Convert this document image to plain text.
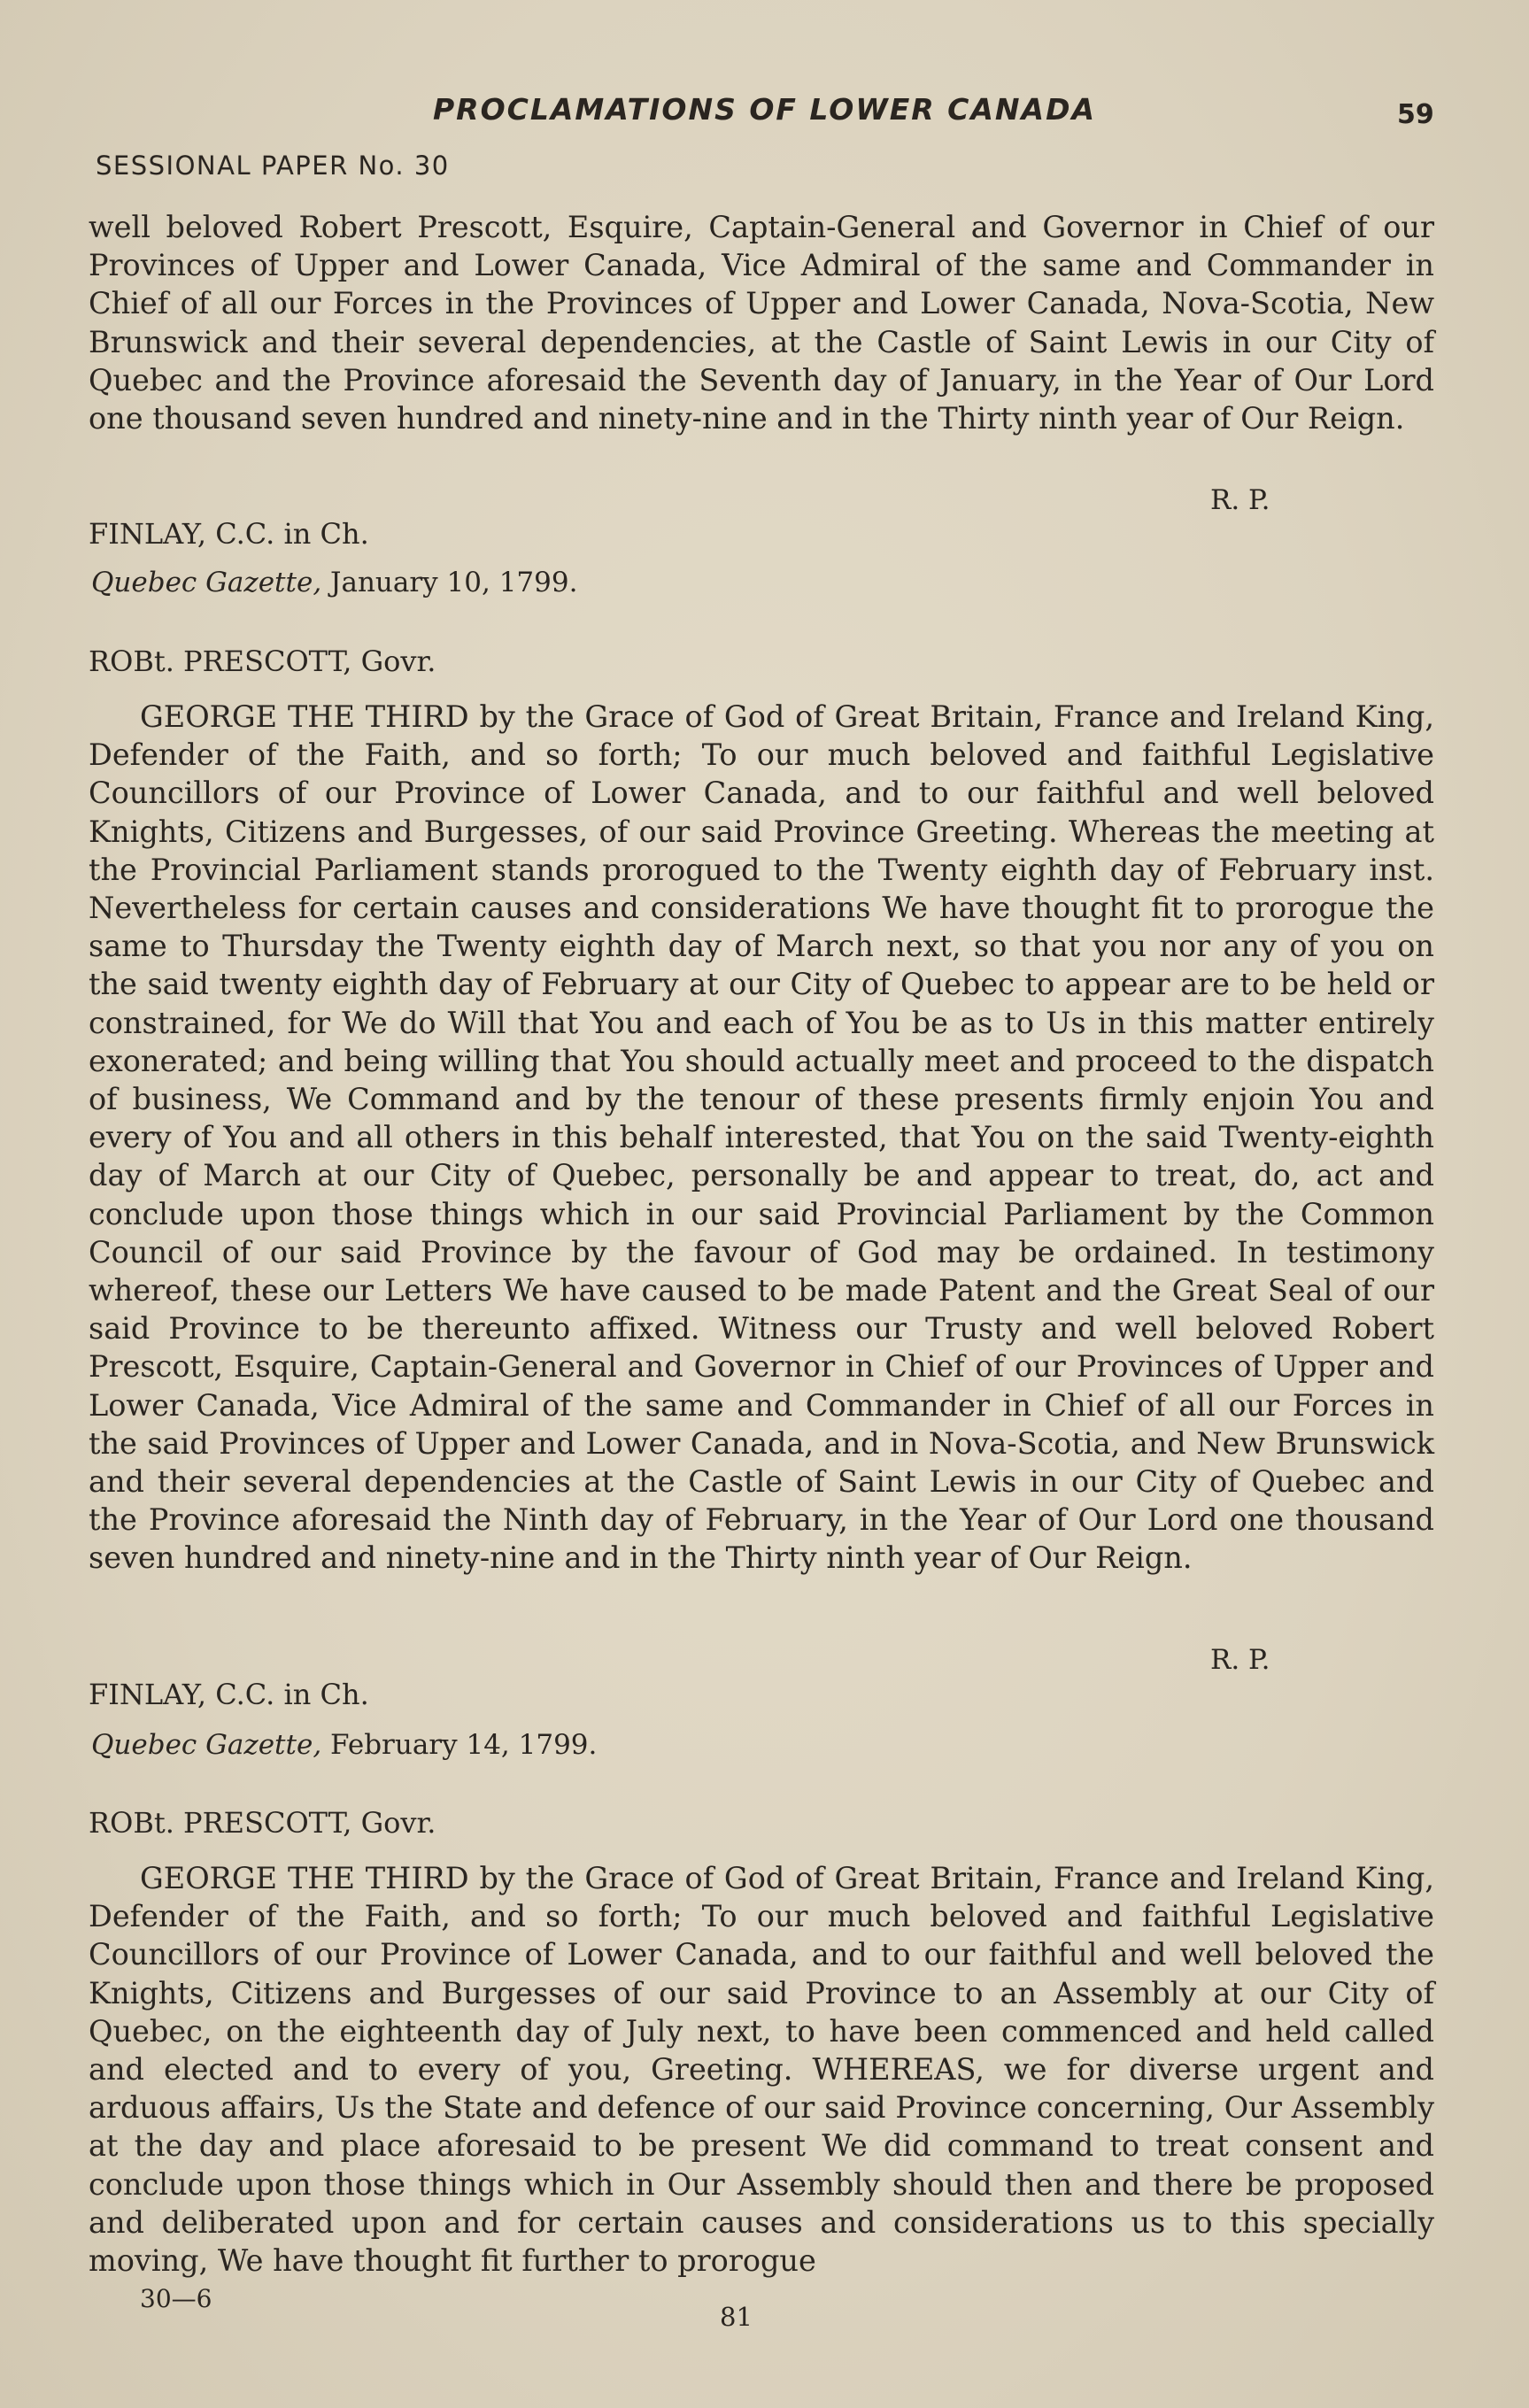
PROCLAMATIONS OF LOWER CANADA	59
SESSIONAL PAPER No. 30

well beloved Robert Prescott, Esquire, Captain-General and Governor in Chief of our Provinces of Upper and Lower Canada, Vice Admiral of the same and Commander in Chief of all our Forces in the Provinces of Upper and Lower Canada, Nova-Scotia, New Brunswick and their several dependencies, at the Castle of Saint Lewis in our City of Quebec and the Province aforesaid the Seventh day of January, in the Year of Our Lord one thousand seven hundred and ninety-nine and in the Thirty ninth year of Our Reign.

R. P.
FINLAY, C.C. in Ch.
Quebec Gazette, January 10, 1799.
ROBt. PRESCOTT, Govr.

GEORGE THE THIRD by the Grace of God of Great Britain, France and Ireland King, Defender of the Faith, and so forth; To our much beloved and faithful Legislative Councillors of our Province of Lower Canada, and to our faithful and well beloved Knights, Citizens and Burgesses, of our said Province Greeting. Whereas the meeting at the Provincial Parliament stands prorogued to the Twenty eighth day of February inst. Nevertheless for certain causes and considerations We have thought fit to prorogue the same to Thursday the Twenty eighth day of March next, so that you nor any of you on the said twenty eighth day of February at our City of Quebec to appear are to be held or constrained, for We do Will that You and each of You be as to Us in this matter entirely exonerated; and being willing that You should actually meet and proceed to the dispatch of business, We Command and by the tenour of these presents firmly enjoin You and every of You and all others in this behalf interested, that You on the said Twenty-eighth day of March at our City of Quebec, personally be and appear to treat, do, act and conclude upon those things which in our said Provincial Parliament by the Common Council of our said Province by the favour of God may be ordained. In testimony whereof, these our Letters We have caused to be made Patent and the Great Seal of our said Province to be thereunto affixed. Witness our Trusty and well beloved Robert Prescott, Esquire, Captain-General and Governor in Chief of our Provinces of Upper and Lower Canada, Vice Admiral of the same and Commander in Chief of all our Forces in the said Provinces of Upper and Lower Canada, and in Nova-Scotia, and New Brunswick and their several dependencies at the Castle of Saint Lewis in our City of Quebec and the Province aforesaid the Ninth day of February, in the Year of Our Lord one thousand seven hundred and ninety-nine and in the Thirty ninth year of Our Reign.

R. P.
FINLAY, C.C. in Ch.
Quebec Gazette, February 14, 1799.
ROBt. PRESCOTT, Govr.

GEORGE THE THIRD by the Grace of God of Great Britain, France and Ireland King, Defender of the Faith, and so forth; To our much beloved and faithful Legislative Councillors of our Province of Lower Canada, and to our faithful and well beloved the Knights, Citizens and Burgesses of our said Province to an Assembly at our City of Quebec, on the eighteenth day of July next, to have been commenced and held called and elected and to every of you, Greeting. WHEREAS, we for diverse urgent and arduous affairs, Us the State and defence of our said Province concerning, Our Assembly at the day and place aforesaid to be present We did command to treat consent and conclude upon those things which in Our Assembly should then and there be proposed and deliberated upon and for certain causes and considerations us to this specially moving, We have thought fit further to prorogue

30—6
81
